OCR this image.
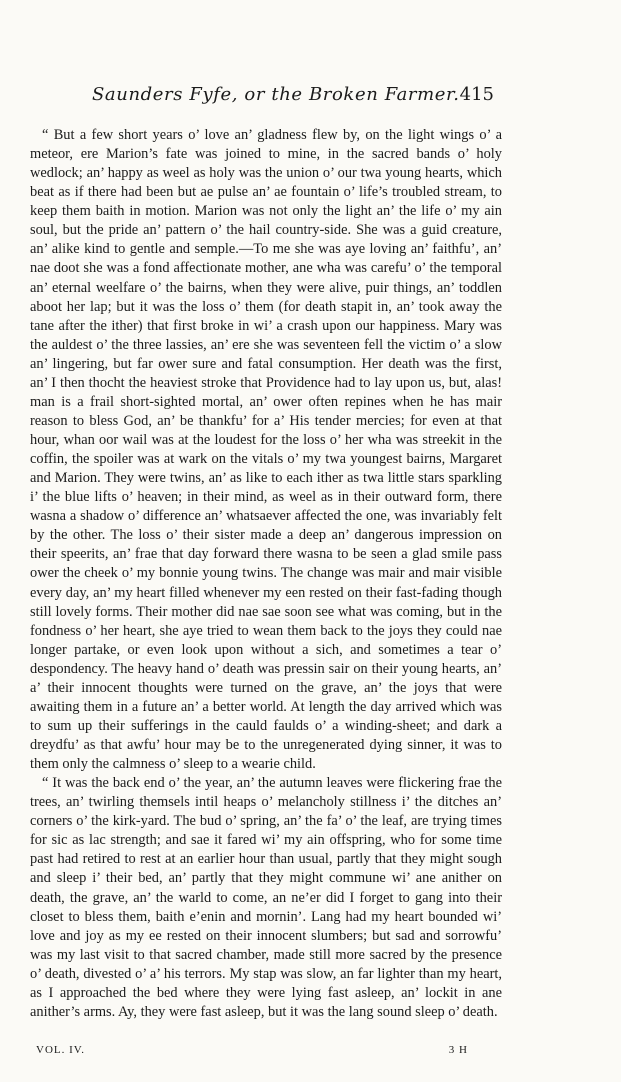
Saunders Fyfe, or the Broken Farmer. 415

“ But a few short years o’ love an’ gladness flew by, on the light wings o’ a meteor, ere Marion’s fate was joined to mine, in the sacred bands o’ holy wedlock; an’ happy as weel as holy was the union o’ our twa young hearts, which beat as if there had been but ae pulse an’ ae fountain o’ life’s troubled stream, to keep them baith in motion. Marion was not only the light an’ the life o’ my ain soul, but the pride an’ pattern o’ the hail country-side. She was a guid creature, an’ alike kind to gentle and semple.—To me she was aye loving an’ faithfu’, an’ nae doot she was a fond affectionate mother, ane wha was carefu’ o’ the temporal an’ eternal weelfare o’ the bairns, when they were alive, puir things, an’ toddlen aboot her lap; but it was the loss o’ them (for death stapit in, an’ took away the tane after the ither) that first broke in wi’ a crash upon our happiness. Mary was the auldest o’ the three lassies, an’ ere she was seventeen fell the victim o’ a slow an’ lingering, but far ower sure and fatal consumption. Her death was the first, an’ I then thocht the heaviest stroke that Providence had to lay upon us, but, alas! man is a frail short-sighted mortal, an’ ower often repines when he has mair reason to bless God, an’ be thankfu’ for a’ His tender mercies; for even at that hour, whan oor wail was at the loudest for the loss o’ her wha was streekit in the coffin, the spoiler was at wark on the vitals o’ my twa youngest bairns, Margaret and Marion. They were twins, an’ as like to each ither as twa little stars sparkling i’ the blue lifts o’ heaven; in their mind, as weel as in their outward form, there wasna a shadow o’ difference an’ whatsaever affected the one, was invariably felt by the other. The loss o’ their sister made a deep an’ dangerous impression on their speerits, an’ frae that day forward there wasna to be seen a glad smile pass ower the cheek o’ my bonnie young twins. The change was mair and mair visible every day, an’ my heart filled whenever my een rested on their fast-fading though still lovely forms. Their mother did nae sae soon see what was coming, but in the fondness o’ her heart, she aye tried to wean them back to the joys they could nae longer partake, or even look upon without a sich, and sometimes a tear o’ despondency. The heavy hand o’ death was pressin sair on their young hearts, an’ a’ their innocent thoughts were turned on the grave, an’ the joys that were awaiting them in a future an’ a better world. At length the day arrived which was to sum up their sufferings in the cauld faulds o’ a winding-sheet; and dark a dreydfu’ as that awfu’ hour may be to the unregenerated dying sinner, it was to them only the calmness o’ sleep to a wearie child.

“ It was the back end o’ the year, an’ the autumn leaves were flickering frae the trees, an’ twirling themsels intil heaps o’ melancholy stillness i’ the ditches an’ corners o’ the kirk-yard. The bud o’ spring, an’ the fa’ o’ the leaf, are trying times for sic as lac strength; and sae it fared wi’ my ain offspring, who for some time past had retired to rest at an earlier hour than usual, partly that they might sough and sleep i’ their bed, an’ partly that they might commune wi’ ane anither on death, the grave, an’ the warld to come, an ne’er did I forget to gang into their closet to bless them, baith e’enin and mornin’. Lang had my heart bounded wi’ love and joy as my ee rested on their innocent slumbers; but sad and sorrowfu’ was my last visit to that sacred chamber, made still more sacred by the presence o’ death, divested o’ a’ his terrors. My stap was slow, an far lighter than my heart, as I approached the bed where they were lying fast asleep, an’ lockit in ane anither’s arms. Ay, they were fast asleep, but it was the lang sound sleep o’ death.

VOL. IV.	3 H
